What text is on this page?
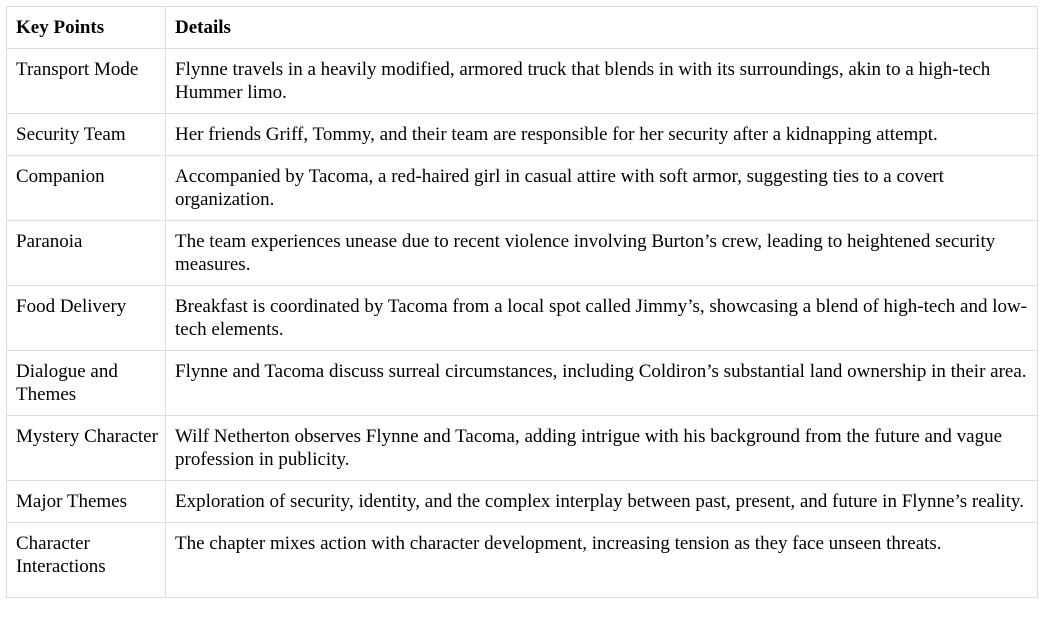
Key Points	Details
Transport Mode	Flynne travels in a heavily modified, armored truck that blends in with its surroundings, akin to a high-tech Hummer limo.
Security Team	Her friends Griff, Tommy, and their team are responsible for her security after a kidnapping attempt.
Companion	Accompanied by Tacoma, a red-haired girl in casual attire with soft armor, suggesting ties to a covert organization.
Paranoia	The team experiences unease due to recent violence involving Burton’s crew, leading to heightened security measures.
Food Delivery	Breakfast is coordinated by Tacoma from a local spot called Jimmy’s, showcasing a blend of high-tech and low-tech elements.
Dialogue and Themes	Flynne and Tacoma discuss surreal circumstances, including Coldiron’s substantial land ownership in their area.
Mystery Character	Wilf Netherton observes Flynne and Tacoma, adding intrigue with his background from the future and vague profession in publicity.
Major Themes	Exploration of security, identity, and the complex interplay between past, present, and future in Flynne’s reality.
Character Interactions	The chapter mixes action with character development, increasing tension as they face unseen threats.
